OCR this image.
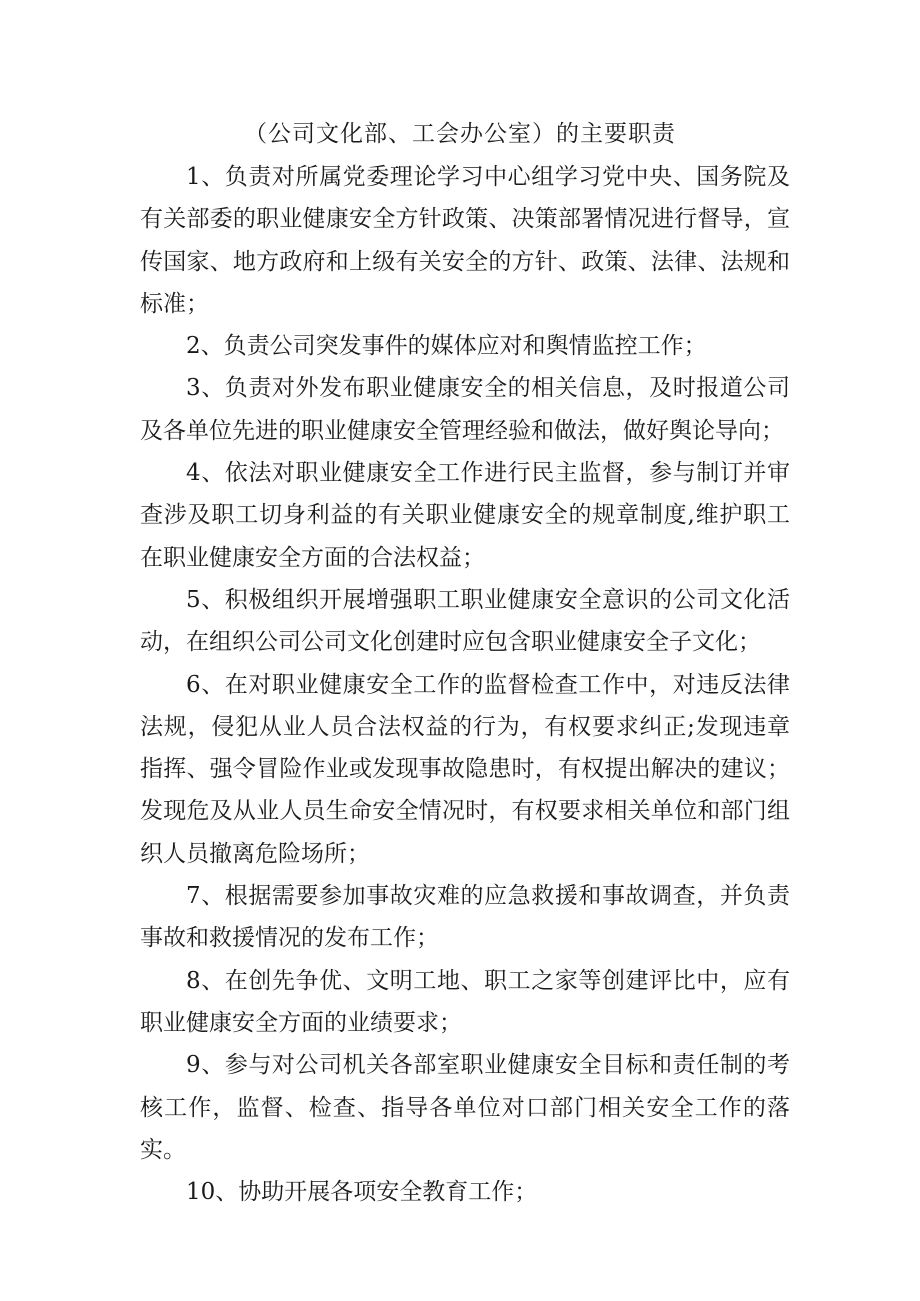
（公司文化部、工会办公室）的主要职责

1、负责对所属党委理论学习中心组学习党中央、国务院及有关部委的职业健康安全方针政策、决策部署情况进行督导，宣传国家、地方政府和上级有关安全的方针、政策、法律、法规和标准；

2、负责公司突发事件的媒体应对和舆情监控工作；

3、负责对外发布职业健康安全的相关信息，及时报道公司及各单位先进的职业健康安全管理经验和做法，做好舆论导向；

4、依法对职业健康安全工作进行民主监督，参与制订并审查涉及职工切身利益的有关职业健康安全的规章制度,维护职工在职业健康安全方面的合法权益；

5、积极组织开展增强职工职业健康安全意识的公司文化活动，在组织公司公司文化创建时应包含职业健康安全子文化；

6、在对职业健康安全工作的监督检查工作中，对违反法律法规，侵犯从业人员合法权益的行为，有权要求纠正;发现违章指挥、强令冒险作业或发现事故隐患时，有权提出解决的建议；发现危及从业人员生命安全情况时，有权要求相关单位和部门组织人员撤离危险场所；

7、根据需要参加事故灾难的应急救援和事故调查，并负责事故和救援情况的发布工作；

8、在创先争优、文明工地、职工之家等创建评比中，应有职业健康安全方面的业绩要求；

9、参与对公司机关各部室职业健康安全目标和责任制的考核工作，监督、检查、指导各单位对口部门相关安全工作的落实。

10、协助开展各项安全教育工作；
